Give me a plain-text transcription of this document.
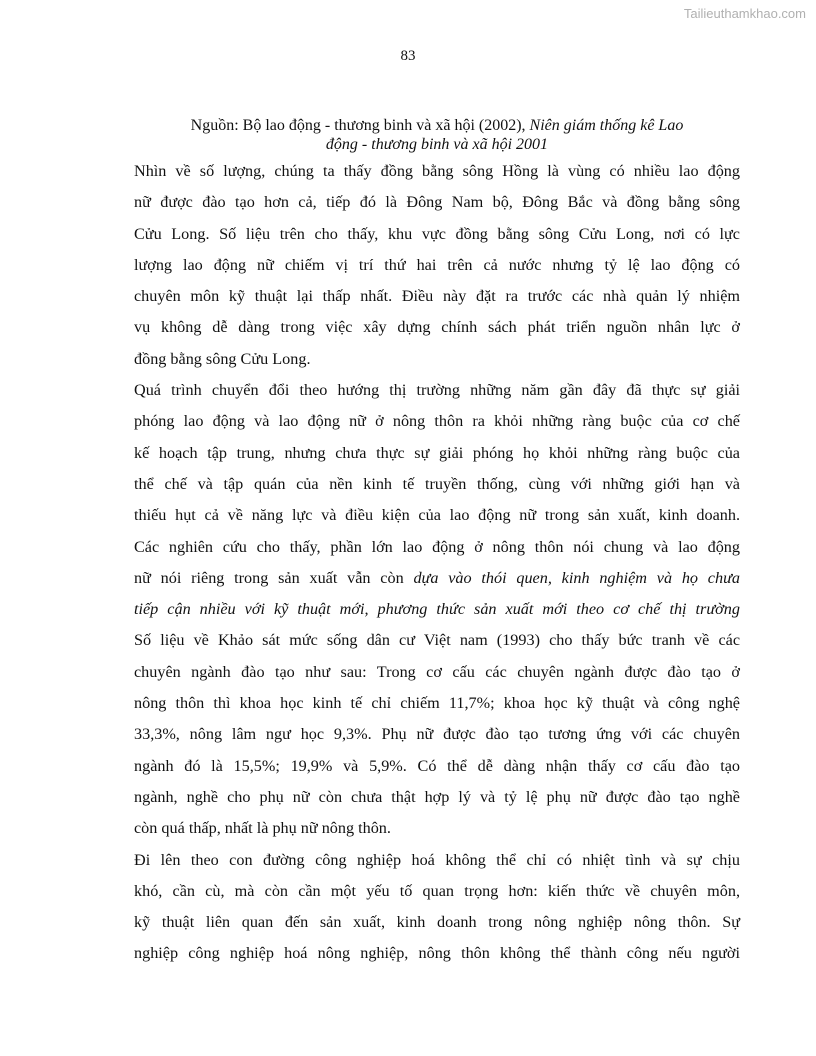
Tailieuthamkhao.com
83
Nguồn: Bộ lao động - thương binh và xã hội (2002), Niên giám thống kê Lao
động - thương binh và xã hội 2001

Nhìn về số lượng, chúng ta thấy đồng bằng sông Hồng là vùng có nhiều lao động

nữ được đào tạo hơn cả, tiếp đó là Đông Nam bộ, Đông Bắc và đồng bằng sông

Cửu Long. Số liệu trên cho thấy, khu vực đồng bằng sông Cửu Long, nơi có lực

lượng lao động nữ chiếm vị trí thứ hai trên cả nước nhưng tỷ lệ lao động có

chuyên môn kỹ thuật lại thấp nhất. Điều này đặt ra trước các nhà quản lý nhiệm

vụ không dễ dàng trong việc xây dựng chính sách phát triển nguồn nhân lực ở

đồng bằng sông Cửu Long.

Quá trình chuyển đổi theo hướng thị trường những năm gần đây đã thực sự giải

phóng lao động và lao động nữ ở nông thôn ra khỏi những ràng buộc của cơ chế

kế hoạch tập trung, nhưng chưa thực sự giải phóng họ khỏi những ràng buộc của

thể chế và tập quán của nền kinh tế truyền thống, cùng với những giới hạn và

thiếu hụt cả về năng lực và điều kiện của lao động nữ trong sản xuất, kinh doanh.

Các nghiên cứu cho thấy, phần lớn lao động ở nông thôn nói chung và lao động

nữ nói riêng trong sản xuất vẫn còn dựa vào thói quen, kinh nghiệm và họ chưa

tiếp cận nhiều với kỹ thuật mới, phương thức sản xuất mới theo cơ chế thị trường

Số liệu về Khảo sát mức sống dân cư Việt nam (1993) cho thấy bức tranh về các

chuyên ngành đào tạo như sau: Trong cơ cấu các chuyên ngành được đào tạo ở

nông thôn thì khoa học kinh tế chỉ chiếm 11,7%; khoa học kỹ thuật và công nghệ

33,3%, nông lâm ngư học 9,3%. Phụ nữ được đào tạo tương ứng với các chuyên

ngành đó là 15,5%; 19,9% và 5,9%. Có thể dễ dàng nhận thấy cơ cấu đào tạo

ngành, nghề cho phụ nữ còn chưa thật hợp lý và tỷ lệ phụ nữ được đào tạo nghề

còn quá thấp, nhất là phụ nữ nông thôn.

Đi lên theo con đường công nghiệp hoá không thể chỉ có nhiệt tình và sự chịu

khó, cần cù, mà còn cần một yếu tố quan trọng hơn: kiến thức về chuyên môn,

kỹ thuật liên quan đến sản xuất, kinh doanh trong nông nghiệp nông thôn. Sự

nghiệp công nghiệp hoá nông nghiệp, nông thôn không thể thành công nếu người
